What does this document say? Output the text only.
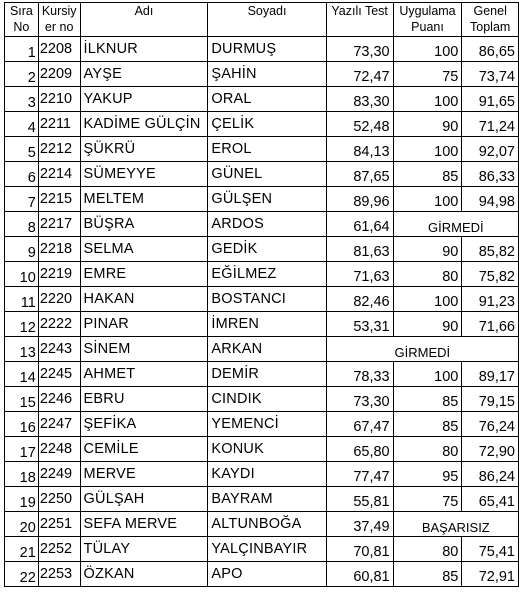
Sıra No	Kursiy er no	Adı	Soyadı	Yazılı Test	Uygulama Puanı	Genel Toplam
1	2208	İLKNUR	DURMUŞ	73,30	100	86,65
2	2209	AYŞE	ŞAHİN	72,47	75	73,74
3	2210	YAKUP	ORAL	83,30	100	91,65
4	2211	KADİME GÜLÇİN	ÇELİK	52,48	90	71,24
5	2212	ŞÜKRÜ	EROL	84,13	100	92,07
6	2214	SÜMEYYE	GÜNEL	87,65	85	86,33
7	2215	MELTEM	GÜLŞEN	89,96	100	94,98
8	2217	BÜŞRA	ARDOS	61,64	GİRMEDİ	
9	2218	SELMA	GEDİK	81,63	90	85,82
10	2219	EMRE	EĞİLMEZ	71,63	80	75,82
11	2220	HAKAN	BOSTANCI	82,46	100	91,23
12	2222	PINAR	İMREN	53,31	90	71,66
13	2243	SİNEM	ARKAN	GİRMEDİ		
14	2245	AHMET	DEMİR	78,33	100	89,17
15	2246	EBRU	CINDIK	73,30	85	79,15
16	2247	ŞEFİKA	YEMENCİ	67,47	85	76,24
17	2248	CEMİLE	KONUK	65,80	80	72,90
18	2249	MERVE	KAYDI	77,47	95	86,24
19	2250	GÜLŞAH	BAYRAM	55,81	75	65,41
20	2251	SEFA MERVE	ALTUNBOĞA	37,49	BAŞARISIZ	
21	2252	TÜLAY	YALÇINBAYIR	70,81	80	75,41
22	2253	ÖZKAN	APO	60,81	85	72,91
